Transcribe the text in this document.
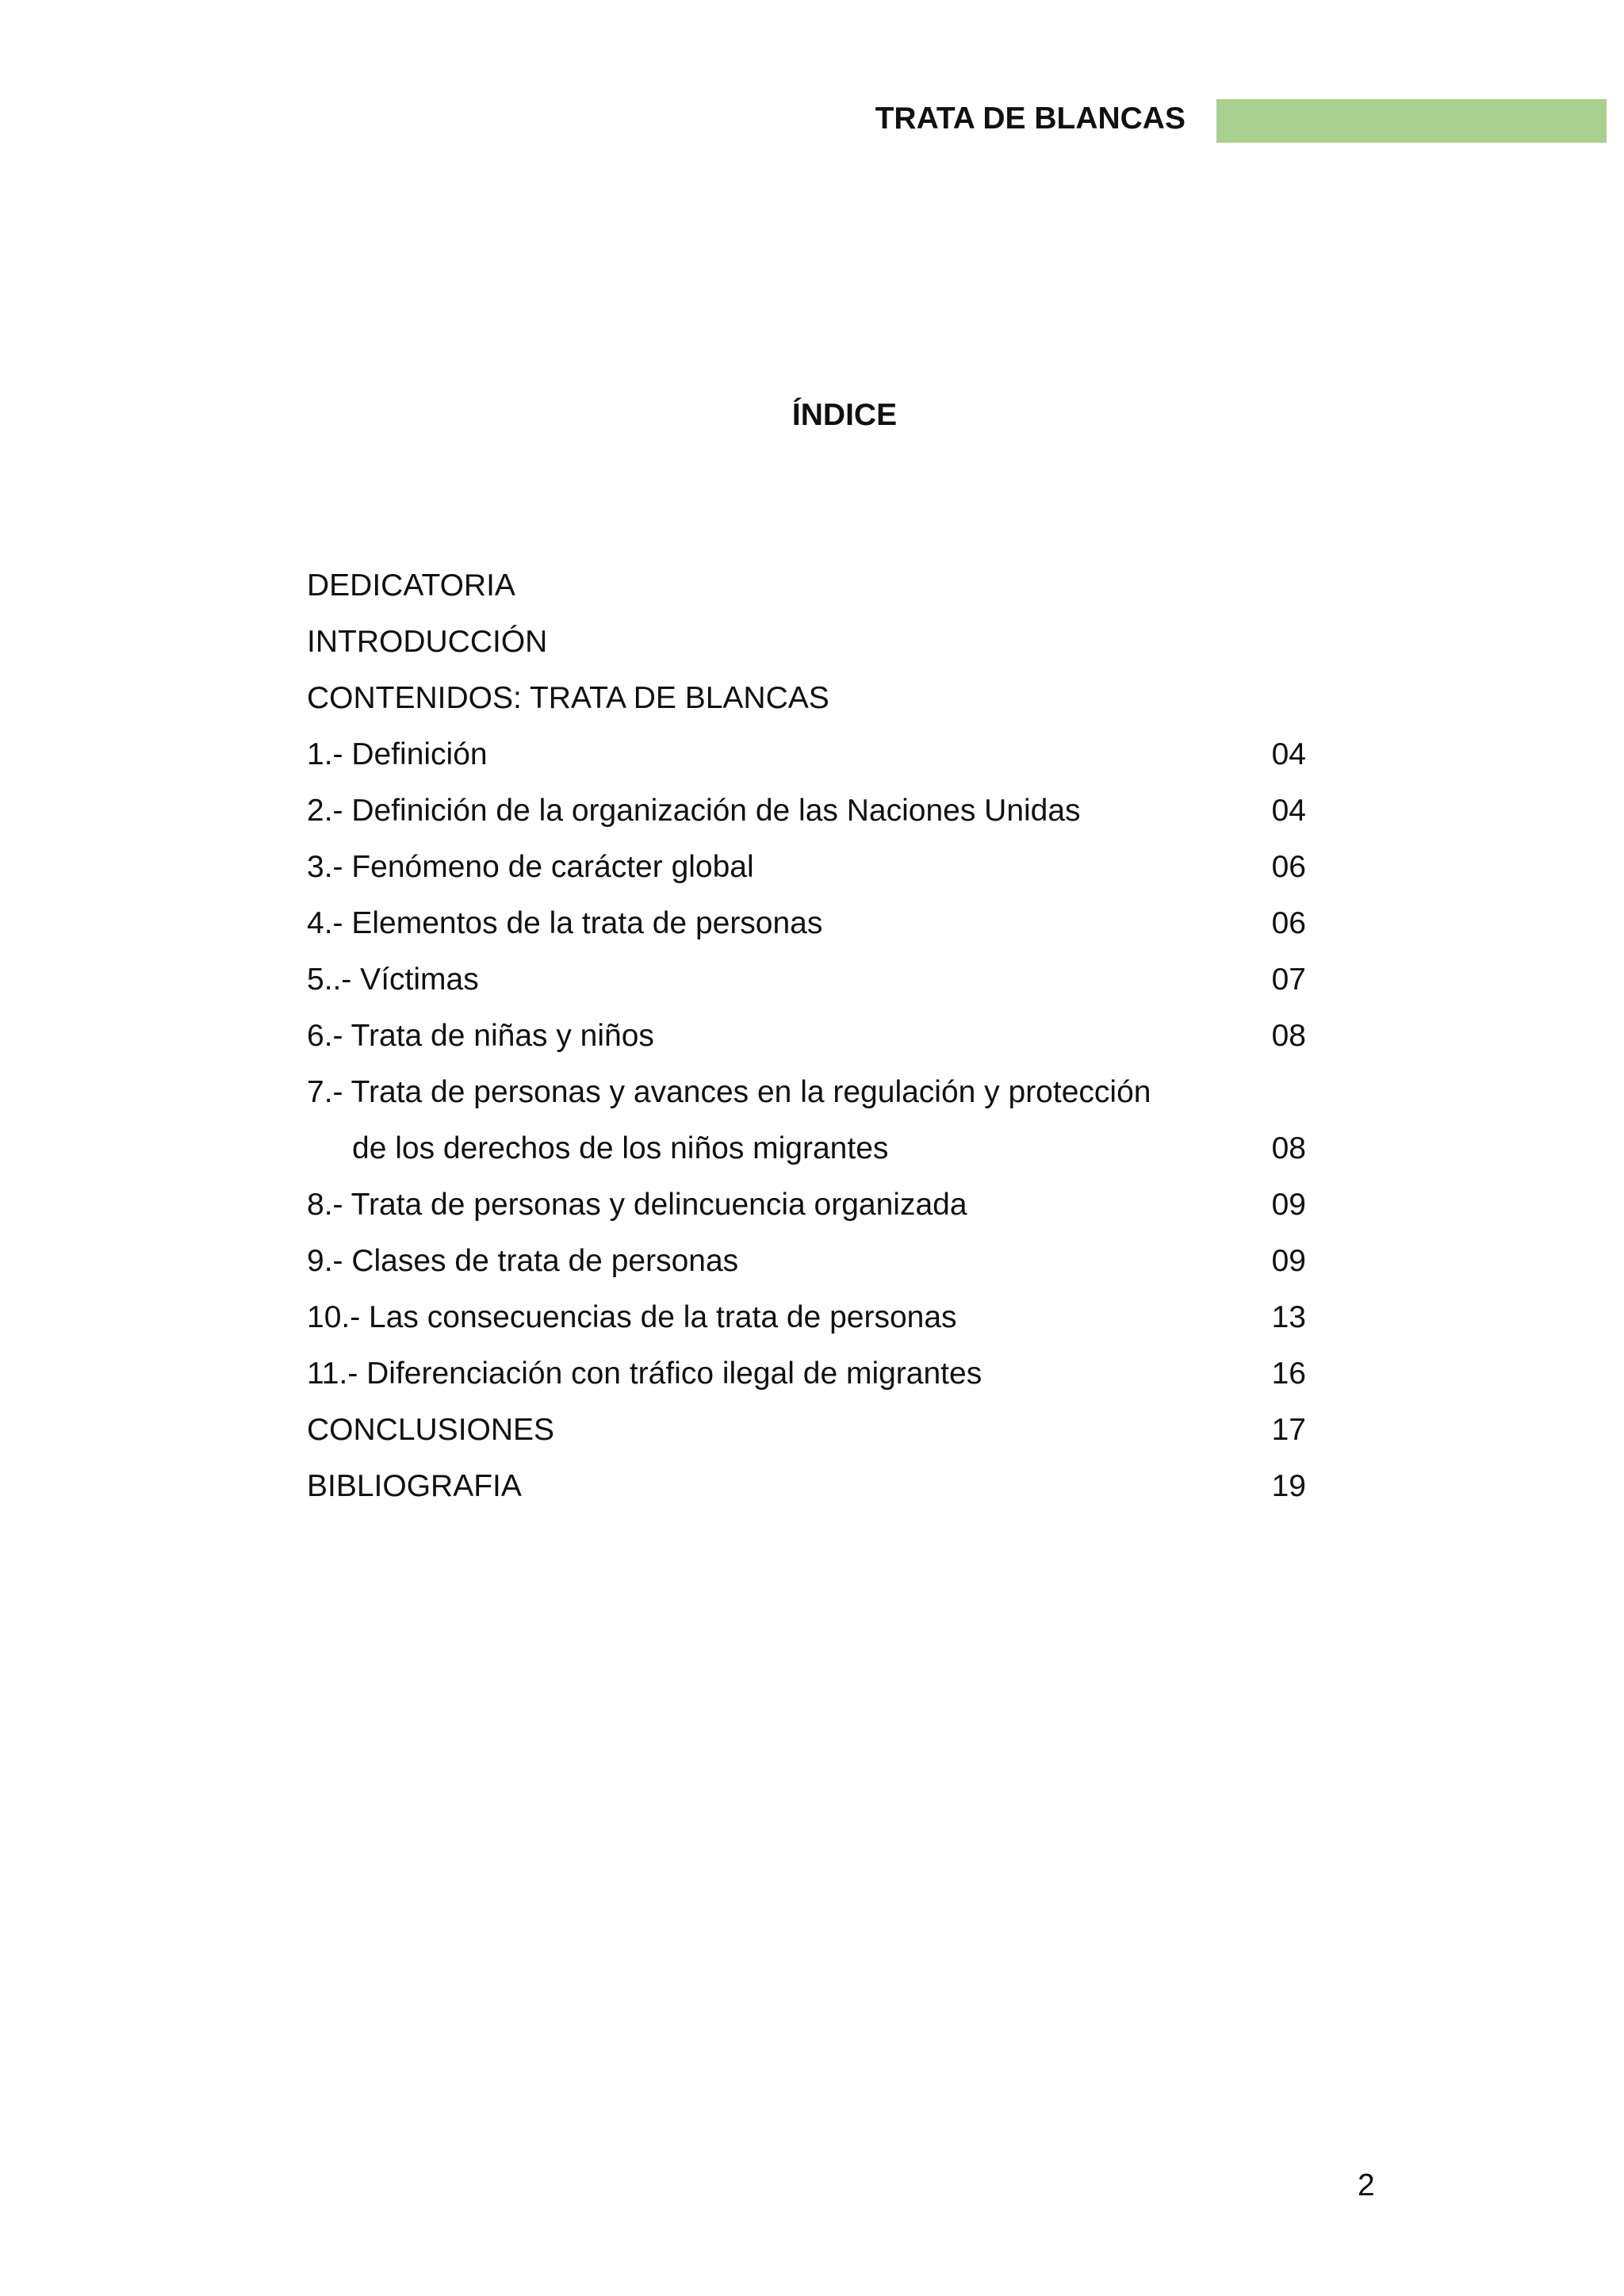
TRATA DE BLANCAS
ÍNDICE
DEDICATORIA
INTRODUCCIÓN
CONTENIDOS: TRATA DE BLANCAS
1.- Definición	04
2.- Definición de la organización de las Naciones Unidas	04
3.- Fenómeno de carácter global	06
4.- Elementos de la trata de personas	06
5..- Víctimas	07
6.- Trata de niñas y niños	08
7.- Trata de personas y avances en la regulación y protección
de los derechos de los niños migrantes	08
8.- Trata de personas y delincuencia organizada	09
9.- Clases de trata de personas	09
10.- Las consecuencias de la trata de personas	13
11.- Diferenciación con tráfico ilegal de migrantes	16
CONCLUSIONES	17
BIBLIOGRAFIA	19
2
